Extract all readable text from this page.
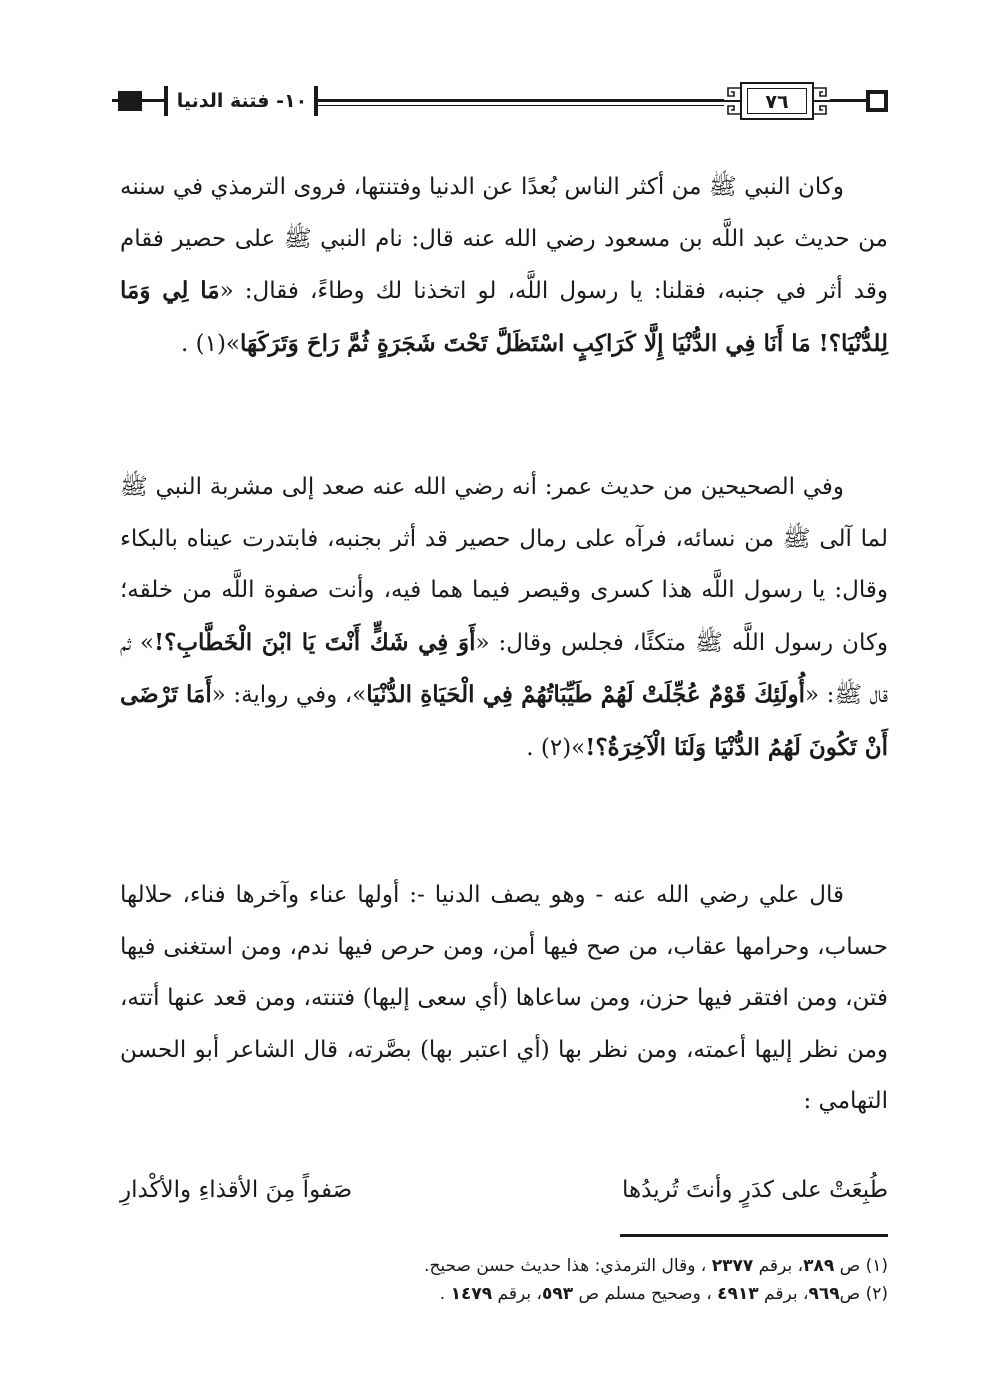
١٠- فتنة الدنيا	٧٦
وكان النبي ﷺ من أكثر الناس بُعدًا عن الدنيا وفتنتها، فروى الترمذي في سننه من حديث عبد اللَّه بن مسعود رضي الله عنه قال: نام النبي ﷺ على حصير فقام وقد أثر في جنبه، فقلنا: يا رسول اللَّه، لو اتخذنا لك وطاءً، فقال: «مَا لِي وَمَا لِلدُّنْيَا؟! مَا أَنَا فِي الدُّنْيَا إِلَّا كَرَاكِبٍ اسْتَظَلَّ تَحْتَ شَجَرَةٍ ثُمَّ رَاحَ وَتَرَكَهَا»(١) .
وفي الصحيحين من حديث عمر: أنه رضي الله عنه صعد إلى مشربة النبي ﷺ لما آلى ﷺ من نسائه، فرآه على رمال حصير قد أثر بجنبه، فابتدرت عيناه بالبكاء وقال: يا رسول اللَّه هذا كسرى وقيصر فيما هما فيه، وأنت صفوة اللَّه من خلقه؛ وكان رسول اللَّه ﷺ متكئًا، فجلس وقال: «أَوَ فِي شَكٍّ أَنْتَ يَا ابْنَ الْخَطَّابِ؟!» ثم قال ﷺ: «أُولَئِكَ قَوْمٌ عُجِّلَتْ لَهُمْ طَيِّبَاتُهُمْ فِي الْحَيَاةِ الدُّنْيَا»، وفي رواية: «أَمَا تَرْضَى أَنْ تَكُونَ لَهُمُ الدُّنْيَا وَلَنَا الْآخِرَةُ؟!»(٢) .
قال علي رضي الله عنه - وهو يصف الدنيا -: أولها عناء وآخرها فناء، حلالها حساب، وحرامها عقاب، من صح فيها أمن، ومن حرص فيها ندم، ومن استغنى فيها فتن، ومن افتقر فيها حزن، ومن ساعاها (أي سعى إليها) فتنته، ومن قعد عنها أتته، ومن نظر إليها أعمته، ومن نظر بها (أي اعتبر بها) بصَّرته، قال الشاعر أبو الحسن التهامي :
طُبِعَتْ على كدَرٍ وأنتَ تُريدُها
صَفواً مِنَ الأقذاءِ والأكْدارِ
(١) ص ٣٨٩، برقم ٢٣٧٧ ، وقال الترمذي: هذا حديث حسن صحيح.
(٢) ص٩٦٩، برقم ٤٩١٣ ، وصحيح مسلم ص ٥٩٣، برقم ١٤٧٩ .
